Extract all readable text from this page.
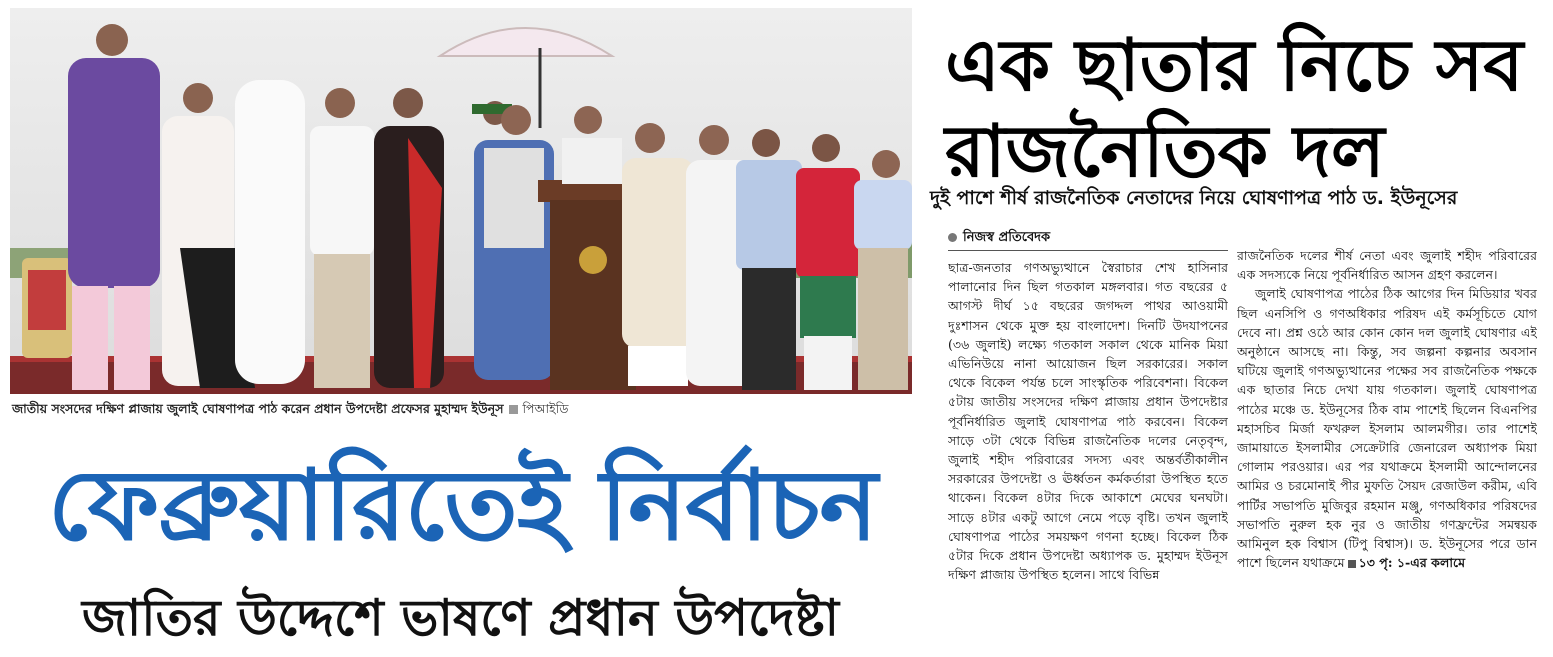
জাতীয় সংসদের দক্ষিণ প্লাজায় জুলাই ঘোষণাপত্র পাঠ করেন প্রধান উপদেষ্টা প্রফেসর মুহাম্মদ ইউনূস পিআইডি
ফেব্রুয়ারিতেই নির্বাচন
জাতির উদ্দেশে ভাষণে প্রধান উপদেষ্টা
এক ছাতার নিচে সব রাজনৈতিক দল
দুই পাশে শীর্ষ রাজনৈতিক নেতাদের নিয়ে ঘোষণাপত্র পাঠ ড. ইউনূসের
নিজস্ব প্রতিবেদক

ছাত্র-জনতার গণঅভ্যুত্থানে স্বৈরাচার শেখ হাসিনার পালানোর দিন ছিল গতকাল মঙ্গলবার। গত বছরের ৫ আগস্ট দীর্ঘ ১৫ বছরের জগদ্দল পাথর আওয়ামী দুঃশাসন থেকে মুক্ত হয় বাংলাদেশ। দিনটি উদযাপনের (৩৬ জুলাই) লক্ষ্যে গতকাল সকাল থেকে মানিক মিয়া এভিনিউয়ে নানা আয়োজন ছিল সরকারের। সকাল থেকে বিকেল পর্যন্ত চলে সাংস্কৃতিক পরিবেশনা। বিকেল ৫টায় জাতীয় সংসদের দক্ষিণ প্লাজায় প্রধান উপদেষ্টার পূর্বনির্ধারিত জুলাই ঘোষণাপত্র পাঠ করবেন। বিকেল সাড়ে ৩টা থেকে বিভিন্ন রাজনৈতিক দলের নেতৃবৃন্দ, জুলাই শহীদ পরিবারের সদস্য এবং অন্তর্বর্তীকালীন সরকারের উপদেষ্টা ও ঊর্ধ্বতন কর্মকর্তারা উপস্থিত হতে থাকেন। বিকেল ৪টার দিকে আকাশে মেঘের ঘনঘটা। সাড়ে ৪টার একটু আগে নেমে পড়ে বৃষ্টি। তখন জুলাই ঘোষণাপত্র পাঠের সময়ক্ষণ গণনা হচ্ছে। বিকেল ঠিক ৫টার দিকে প্রধান উপদেষ্টা অধ্যাপক ড. মুহাম্মদ ইউনূস দক্ষিণ প্লাজায় উপস্থিত হলেন। সাথে বিভিন্ন

রাজনৈতিক দলের শীর্ষ নেতা এবং জুলাই শহীদ পরিবারের এক সদস্যকে নিয়ে পূর্বনির্ধারিত আসন গ্রহণ করলেন।

জুলাই ঘোষণাপত্র পাঠের ঠিক আগের দিন মিডিয়ার খবর ছিল এনসিপি ও গণঅধিকার পরিষদ এই কর্মসূচিতে যোগ দেবে না। প্রশ্ন ওঠে আর কোন কোন দল জুলাই ঘোষণার এই অনুষ্ঠানে আসছে না। কিন্তু, সব জল্পনা কল্পনার অবসান ঘটিয়ে জুলাই গণঅভ্যুত্থানের পক্ষের সব রাজনৈতিক পক্ষকে এক ছাতার নিচে দেখা যায় গতকাল। জুলাই ঘোষণাপত্র পাঠের মঞ্চে ড. ইউনূসের ঠিক বাম পাশেই ছিলেন বিএনপির মহাসচিব মির্জা ফখরুল ইসলাম আলমগীর। তার পাশেই জামায়াতে ইসলামীর সেক্রেটারি জেনারেল অধ্যাপক মিয়া গোলাম পরওয়ার। এর পর যথাক্রমে ইসলামী আন্দোলনের আমির ও চরমোনাই পীর মুফতি সৈয়দ রেজাউল করীম, এবি পার্টির সভাপতি মুজিবুর রহমান মঞ্জু, গণঅধিকার পরিষদের সভাপতি নুরুল হক নুর ও জাতীয় গণফ্রন্টের সমন্বয়ক আমিনুল হক বিশ্বাস (টিপু বিশ্বাস)। ড. ইউনূসের পরে ডান পাশে ছিলেন যথাক্রমে ১৩ পৃ: ১-এর কলামে
